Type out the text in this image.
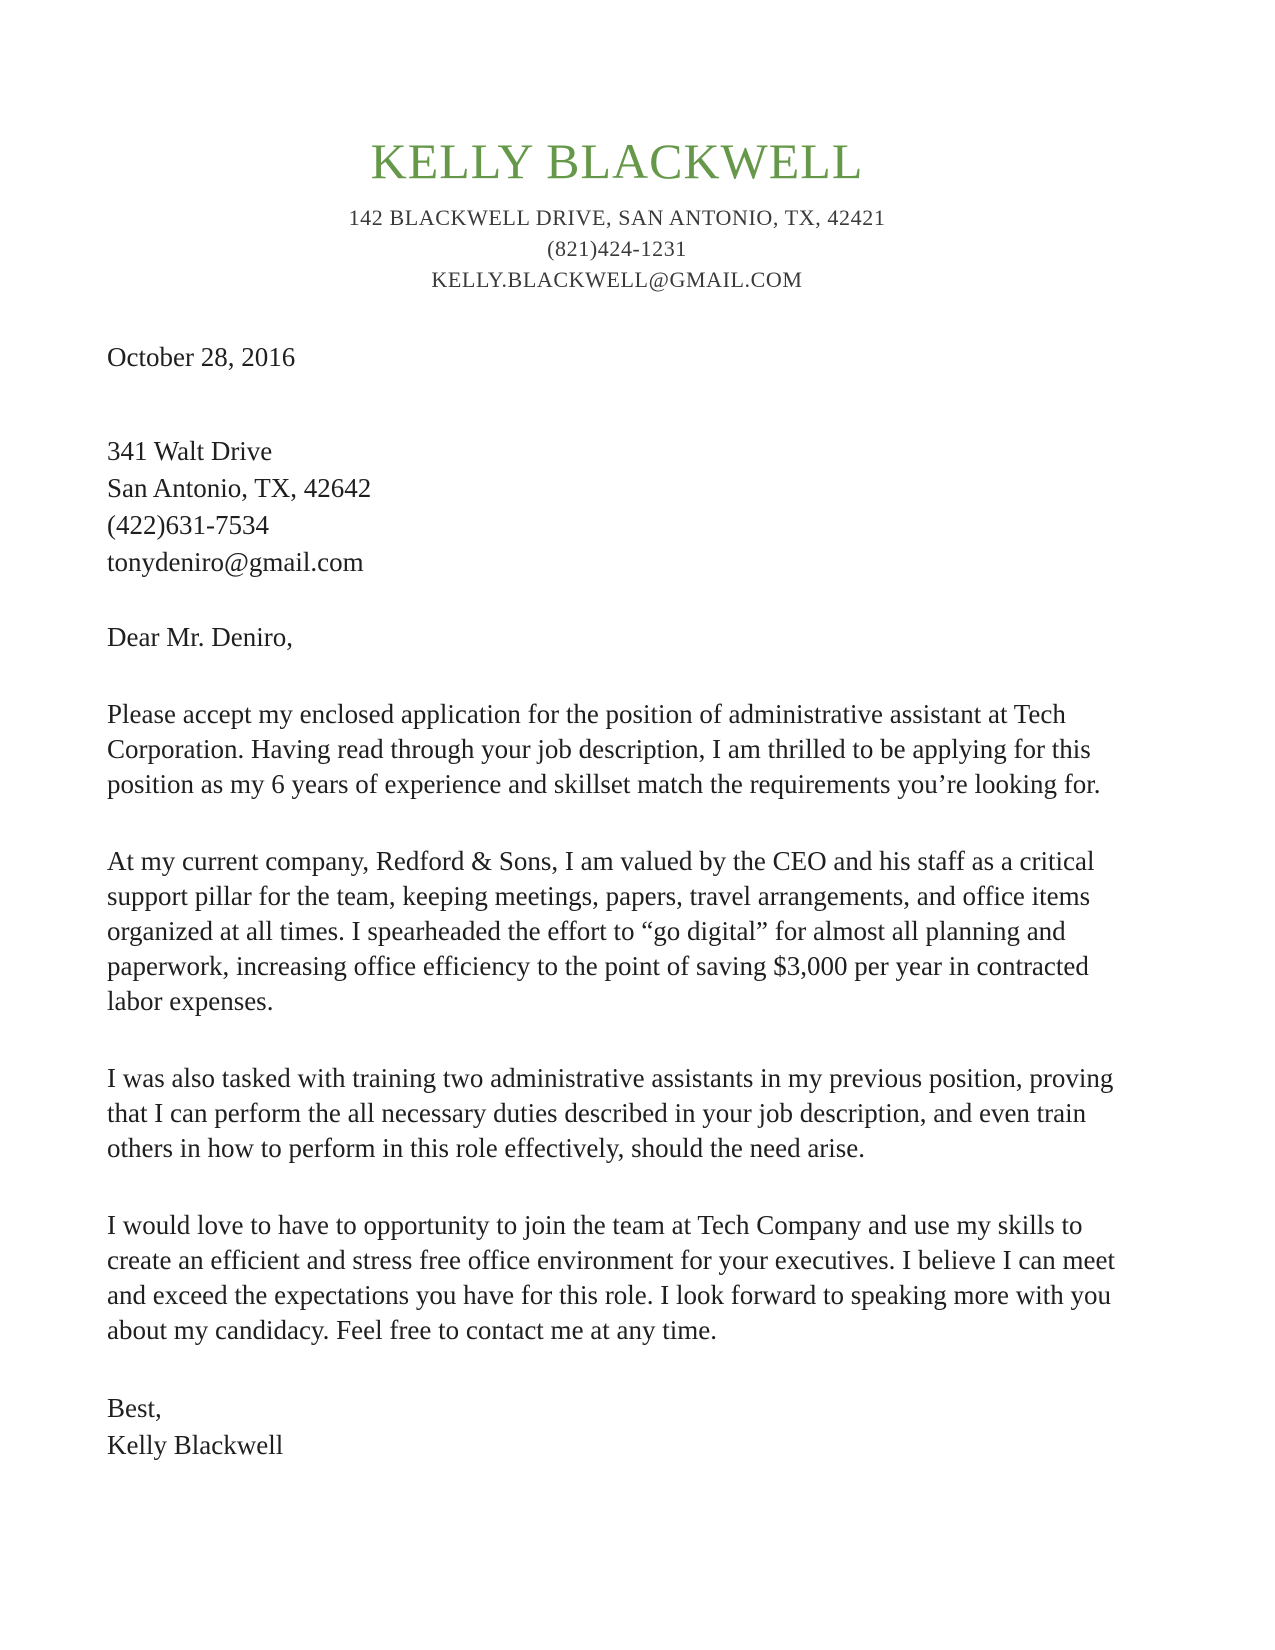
KELLY BLACKWELL
142 BLACKWELL DRIVE, SAN ANTONIO, TX, 42421
(821)424-1231
KELLY.BLACKWELL@GMAIL.COM

October 28, 2016

341 Walt Drive
San Antonio, TX, 42642
(422)631-7534
tonydeniro@gmail.com

Dear Mr. Deniro,

Please accept my enclosed application for the position of administrative assistant at Tech Corporation. Having read through your job description, I am thrilled to be applying for this position as my 6 years of experience and skillset match the requirements you’re looking for.

At my current company, Redford & Sons, I am valued by the CEO and his staff as a critical support pillar for the team, keeping meetings, papers, travel arrangements, and office items organized at all times. I spearheaded the effort to “go digital” for almost all planning and paperwork, increasing office efficiency to the point of saving $3,000 per year in contracted labor expenses.

I was also tasked with training two administrative assistants in my previous position, proving that I can perform the all necessary duties described in your job description, and even train others in how to perform in this role effectively, should the need arise.

I would love to have to opportunity to join the team at Tech Company and use my skills to create an efficient and stress free office environment for your executives. I believe I can meet and exceed the expectations you have for this role. I look forward to speaking more with you about my candidacy. Feel free to contact me at any time.

Best,
Kelly Blackwell
